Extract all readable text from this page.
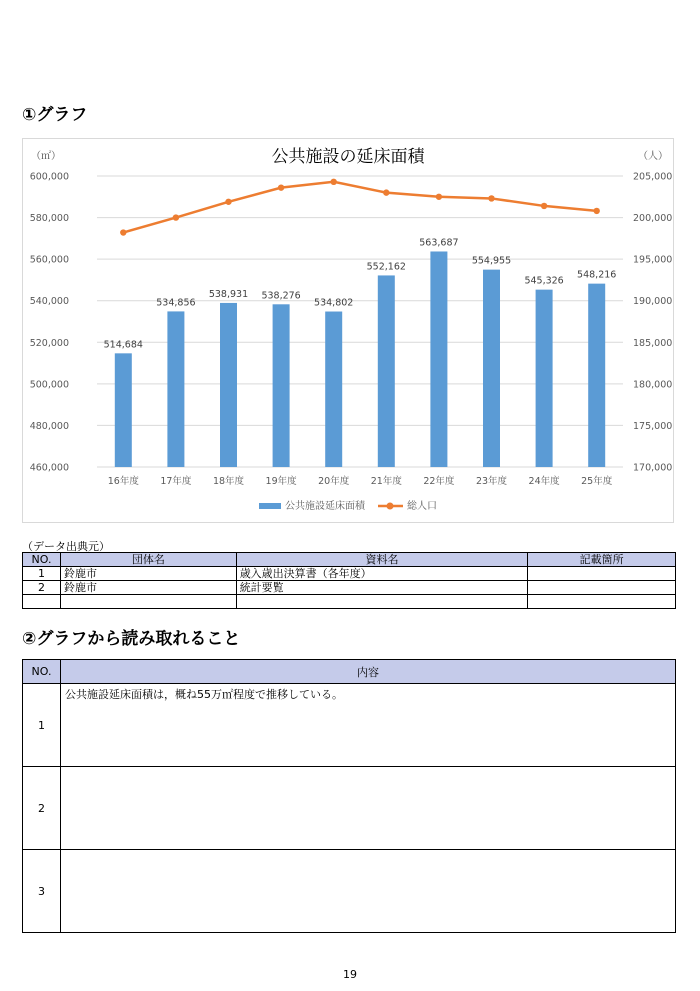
①グラフ
公共施設の延床面積
（㎡）	（人）
460,000
480,000
500,000
520,000
540,000
560,000
580,000
600,000
170,000
175,000
180,000
185,000
190,000
195,000
200,000
205,000
514,684
534,856
538,931 538,276
534,802
552,162
563,687
554,955
545,326
548,216
16年度 17年度 18年度 19年度 20年度 21年度 22年度 23年度 24年度 25年度
公共施設延床面積	総人口
（データ出典元）
NO.	団体名	資料名	記載箇所
1	鈴鹿市	歳入歳出決算書（各年度）	
2	鈴鹿市	統計要覧	

②グラフから読み取れること
NO.	内容
1	公共施設延床面積は，概ね55万㎡程度で推移している。
2	
3	
19
